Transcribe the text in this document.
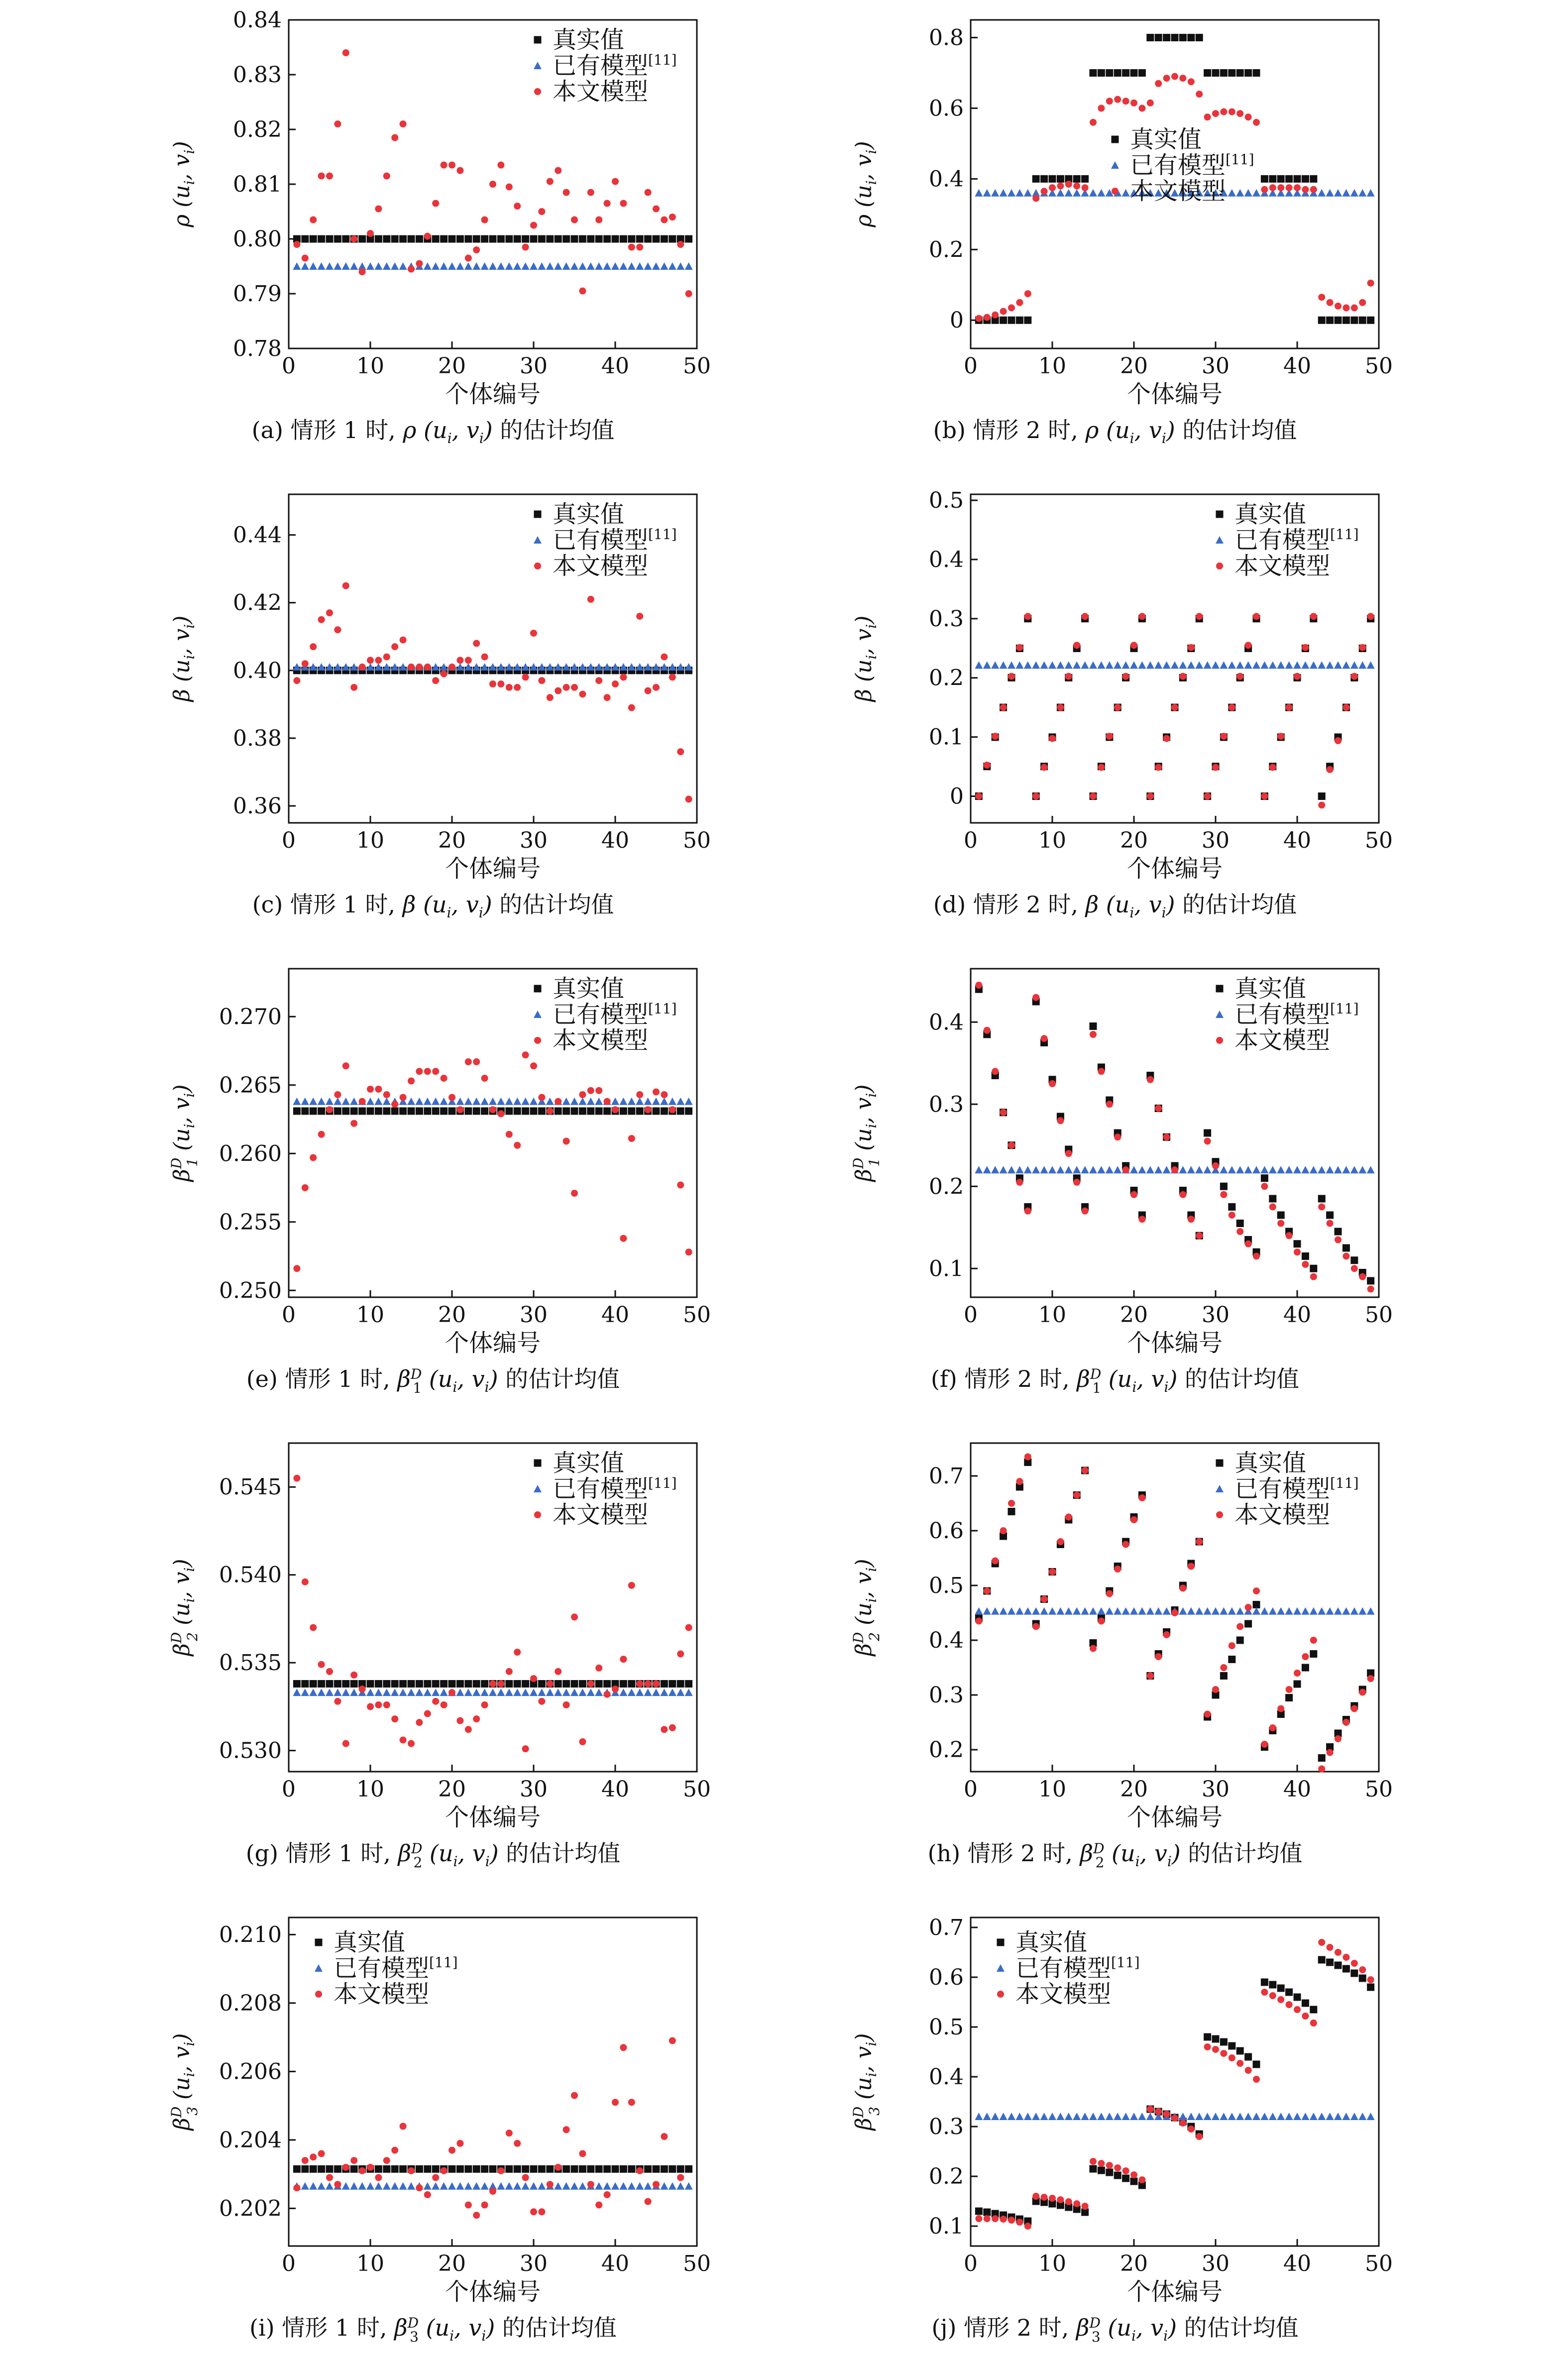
0.78
0.79
0.80
0.81
0.82
0.83
0.84
0	10 20 30 40 50
个体编号
ρ ($u_i$, $v_i$)
真实值
已有模型[11]
本文模型
(a) 情形 1 时, ρ ($u_i$, $v_i$) 的估计均值
0
0.2
0.4
0.6
0.8
0	10 20 30 40 50
个体编号
ρ ($u_i$, $v_i$)	真实值
已有模型[11]
本文模型
(b) 情形 2 时, ρ ($u_i$, $v_i$) 的估计均值
0.36
0.38
0.40
0.42
0.44
0	10 20 30 40 50
个体编号
β ($u_i$, $v_i$)
真实值
已有模型[11]
本文模型
(c) 情形 1 时, β ($u_i$, $v_i$) 的估计均值
0
0.1
0.2
0.3
0.4
0.5
0	10 20 30 40 50
个体编号
β ($u_i$, $v_i$)
真实值
已有模型[11]
本文模型
(d) 情形 2 时, β ($u_i$, $v_i$) 的估计均值
0.250
0.255
0.260
0.265
0.270
0	10 20 30 40 50
个体编号
$\beta^D1$ ($u_i$, $v_i$)
真实值
已有模型[11]
本文模型
(e) 情形 1 时, $\beta^D$ 1 ($u_i$, $v_i$) 的估计均值
0.1
0.2
0.3
0.4
0	10 20 30 40 50
个体编号
$\beta^D1$ ($u_i$, $v_i$)
真实值
已有模型[11]
本文模型
(f) 情形 2 时, $\beta^D$ 1 ($u_i$, $v_i$) 的估计均值
0.530
0.535
0.540
0.545
0	10 20 30 40 50
个体编号
$\beta^D2$ ($u_i$, $v_i$)
真实值
已有模型[11]
本文模型
(g) 情形 1 时, $\beta^D$ 2 ($u_i$, $v_i$) 的估计均值
0.2
0.3
0.4
0.5
0.6
0.7
0	10 20 30 40 50
个体编号
$\beta^D2$ ($u_i$, $v_i$)
真实值
已有模型[11]
本文模型
(h) 情形 2 时, $\beta^D$ 2 ($u_i$, $v_i$) 的估计均值
0.202
0.204
0.206
0.208
0.210
0	10 20 30 40 50
个体编号
$\beta^D3$ ($u_i$, $v_i$)
真实值
已有模型[11]
本文模型
(i) 情形 1 时, $\beta^D$ 3 ($u_i$, $v_i$) 的估计均值
0.1
0.2
0.3
0.4
0.5
0.6
0.7
0	10 20 30 40 50
个体编号
$\beta^D3$ ($u_i$, $v_i$)
真实值
已有模型[11]
本文模型
(j) 情形 2 时, $\beta^D$ 3 ($u_i$, $v_i$) 的估计均值
